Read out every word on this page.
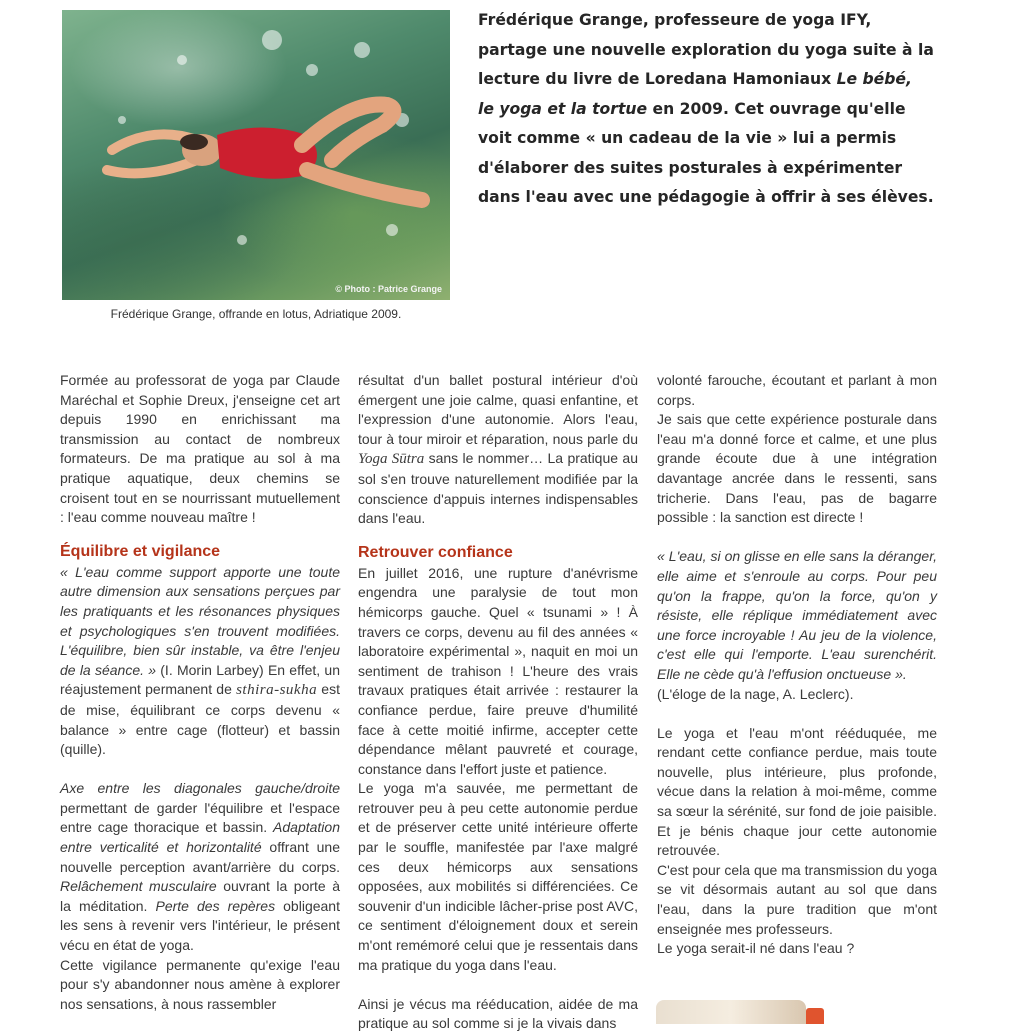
© Photo : Patrice Grange
Frédérique Grange, offrande en lotus, Adriatique 2009.
Frédérique Grange, professeure de yoga IFY,
partage une nouvelle exploration du yoga suite à la
lecture du livre de Loredana Hamoniaux Le bébé,
le yoga et la tortue en 2009. Cet ouvrage qu'elle
voit comme « un cadeau de la vie » lui a permis
d'élaborer des suites posturales à expérimenter
dans l'eau avec une pédagogie à offrir à ses élèves.

Formée au professorat de yoga par Claude Maréchal et Sophie Dreux, j'enseigne cet art depuis 1990 en enrichissant ma transmission au contact de nombreux formateurs. De ma pratique au sol à ma pratique aquatique, deux chemins se croisent tout en se nourrissant mutuellement : l'eau comme nouveau maître !

Équilibre et vigilance

« L'eau comme support apporte une toute autre dimension aux sensations perçues par les pratiquants et les résonances physiques et psychologiques s'en trouvent modifiées. L'équilibre, bien sûr instable, va être l'enjeu de la séance. » (I. Morin Larbey) En effet, un réajustement permanent de sthira-sukha est de mise, équilibrant ce corps devenu « balance » entre cage (flotteur) et bassin (quille).

Axe entre les diagonales gauche/droite permettant de garder l'équilibre et l'espace entre cage thoracique et bassin. Adaptation entre verticalité et horizontalité offrant une nouvelle perception avant/arrière du corps. Relâchement musculaire ouvrant la porte à la méditation. Perte des repères obligeant les sens à revenir vers l'intérieur, le présent vécu en état de yoga.

Cette vigilance permanente qu'exige l'eau pour s'y abandonner nous amène à explorer nos sensations, à nous rassembler

résultat d'un ballet postural intérieur d'où émergent une joie calme, quasi enfantine, et l'expression d'une autonomie. Alors l'eau, tour à tour miroir et réparation, nous parle du Yoga Sūtra sans le nommer… La pratique au sol s'en trouve naturellement modifiée par la conscience d'appuis internes indispensables dans l'eau.

Retrouver confiance

En juillet 2016, une rupture d'anévrisme engendra une paralysie de tout mon hémicorps gauche. Quel « tsunami » ! À travers ce corps, devenu au fil des années « laboratoire expérimental », naquit en moi un sentiment de trahison ! L'heure des vrais travaux pratiques était arrivée : restaurer la confiance perdue, faire preuve d'humilité face à cette moitié infirme, accepter cette dépendance mêlant pauvreté et courage, constance dans l'effort juste et patience.

Le yoga m'a sauvée, me permettant de retrouver peu à peu cette autonomie perdue et de préserver cette unité intérieure offerte par le souffle, manifestée par l'axe malgré ces deux hémicorps aux sensations opposées, aux mobilités si différenciées. Ce souvenir d'un indicible lâcher-prise post AVC, ce sentiment d'éloignement doux et serein m'ont remémoré celui que je ressentais dans ma pratique du yoga dans l'eau.

Ainsi je vécus ma rééducation, aidée de ma pratique au sol comme si je la vivais dans

volonté farouche, écoutant et parlant à mon corps.

Je sais que cette expérience posturale dans l'eau m'a donné force et calme, et une plus grande écoute due à une intégration davantage ancrée dans le ressenti, sans tricherie. Dans l'eau, pas de bagarre possible : la sanction est directe !

« L'eau, si on glisse en elle sans la déranger, elle aime et s'enroule au corps. Pour peu qu'on la frappe, qu'on la force, qu'on y résiste, elle réplique immédiatement avec une force incroyable ! Au jeu de la violence, c'est elle qui l'emporte. L'eau surenchérit. Elle ne cède qu'à l'effusion onctueuse ».

(L'éloge de la nage, A. Leclerc).

Le yoga et l'eau m'ont rééduquée, me rendant cette confiance perdue, mais toute nouvelle, plus intérieure, plus profonde, vécue dans la relation à moi-même, comme sa sœur la sérénité, sur fond de joie paisible. Et je bénis chaque jour cette autonomie retrouvée.

C'est pour cela que ma transmission du yoga se vit désormais autant au sol que dans l'eau, dans la pure tradition que m'ont enseignée mes professeurs.

Le yoga serait-il né dans l'eau ?
